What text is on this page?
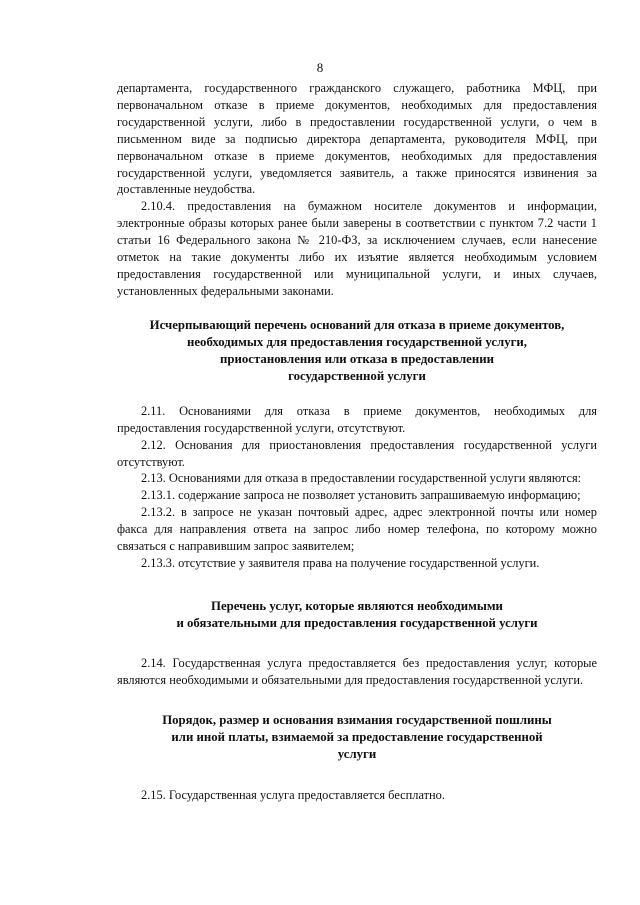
8

департамента, государственного гражданского служащего, работника МФЦ, при первоначальном отказе в приеме документов, необходимых для предоставления государственной услуги, либо в предоставлении государственной услуги, о чем в письменном виде за подписью директора департамента, руководителя МФЦ, при первоначальном отказе в приеме документов, необходимых для предоставления государственной услуги, уведомляется заявитель, а также приносятся извинения за доставленные неудобства.

2.10.4. предоставления на бумажном носителе документов и информации, электронные образы которых ранее были заверены в соответствии с пунктом 7.2 части 1 статьи 16 Федерального закона № 210-ФЗ, за исключением случаев, если нанесение отметок на такие документы либо их изъятие является необходимым условием предоставления государственной или муниципальной услуги, и иных случаев, установленных федеральными законами.

Исчерпывающий перечень оснований для отказа в приеме документов,
необходимых для предоставления государственной услуги,
приостановления или отказа в предоставлении
государственной услуги

2.11. Основаниями для отказа в приеме документов, необходимых для предоставления государственной услуги, отсутствуют.

2.12. Основания для приостановления предоставления государственной услуги отсутствуют.

2.13. Основаниями для отказа в предоставлении государственной услуги являются:

2.13.1. содержание запроса не позволяет установить запрашиваемую информацию;

2.13.2. в запросе не указан почтовый адрес, адрес электронной почты или номер факса для направления ответа на запрос либо номер телефона, по которому можно связаться с направившим запрос заявителем;

2.13.3. отсутствие у заявителя права на получение государственной услуги.

Перечень услуг, которые являются необходимыми
и обязательными для предоставления государственной услуги

2.14. Государственная услуга предоставляется без предоставления услуг, которые являются необходимыми и обязательными для предоставления государственной услуги.

Порядок, размер и основания взимания государственной пошлины
или иной платы, взимаемой за предоставление государственной
услуги

2.15. Государственная услуга предоставляется бесплатно.
